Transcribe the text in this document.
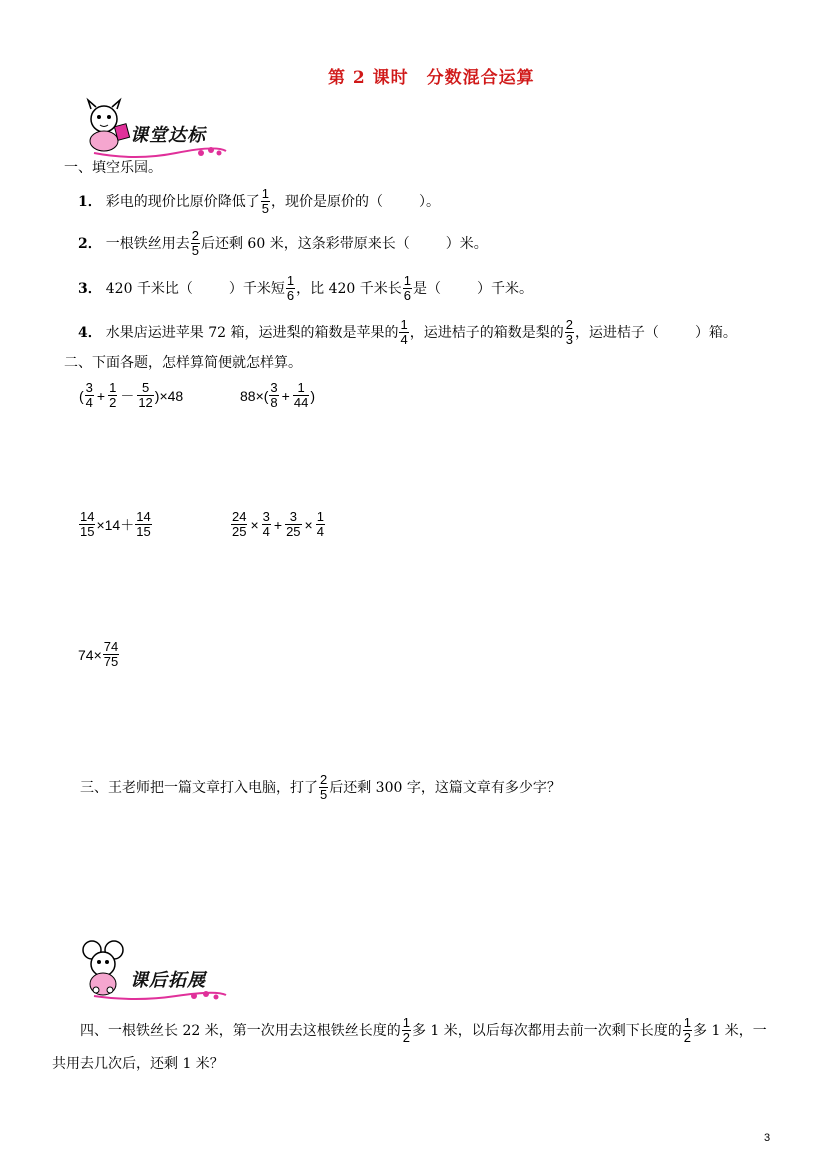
第 2 课时　分数混合运算
课堂达标
一、填空乐园。
1． 彩电的现价比原价降低了 $\frac{1}{5}$ ，现价是原价的（	）。
2． 一根铁丝用去 $\frac{2}{5}$ 后还剩 60 米，这条彩带原来长（	）米。
3． 420 千米比（	）千米短 $\frac{1}{6}$ ，比 420 千米长 $\frac{1}{6}$ 是（	）千米。
4． 水果店运进苹果 72 箱，运进梨的箱数是苹果的 $\frac{1}{4}$ ，运进桔子的箱数是梨的 $\frac{2}{3}$ ，运进桔子（	）箱。
二、下面各题，怎样算简便就怎样算。
( $\frac{3}{4} + \frac{1}{2} - \frac{5}{12}$ ) ×48	88× ( $\frac{3}{8} + \frac{1}{44}$ )
$\frac{14}{15} \times 14+ \frac{14}{15}$	$\frac{24}{25} \times \frac{3}{4} + \frac{3}{25} \times \frac{1}{4}$
$74\times \frac{74}{75}$
三、王老师把一篇文章打入电脑，打了 $\frac{2}{5}$ 后还剩 300 字，这篇文章有多少字？
课后拓展
四、一根铁丝长 22 米，第一次用去这根铁丝长度的 $\frac{1}{2}$ 多 1 米，以后每次都用去前一次剩下长度的 $\frac{1}{2}$ 多 1 米，一
共用去几次后，还剩 1 米？
3
